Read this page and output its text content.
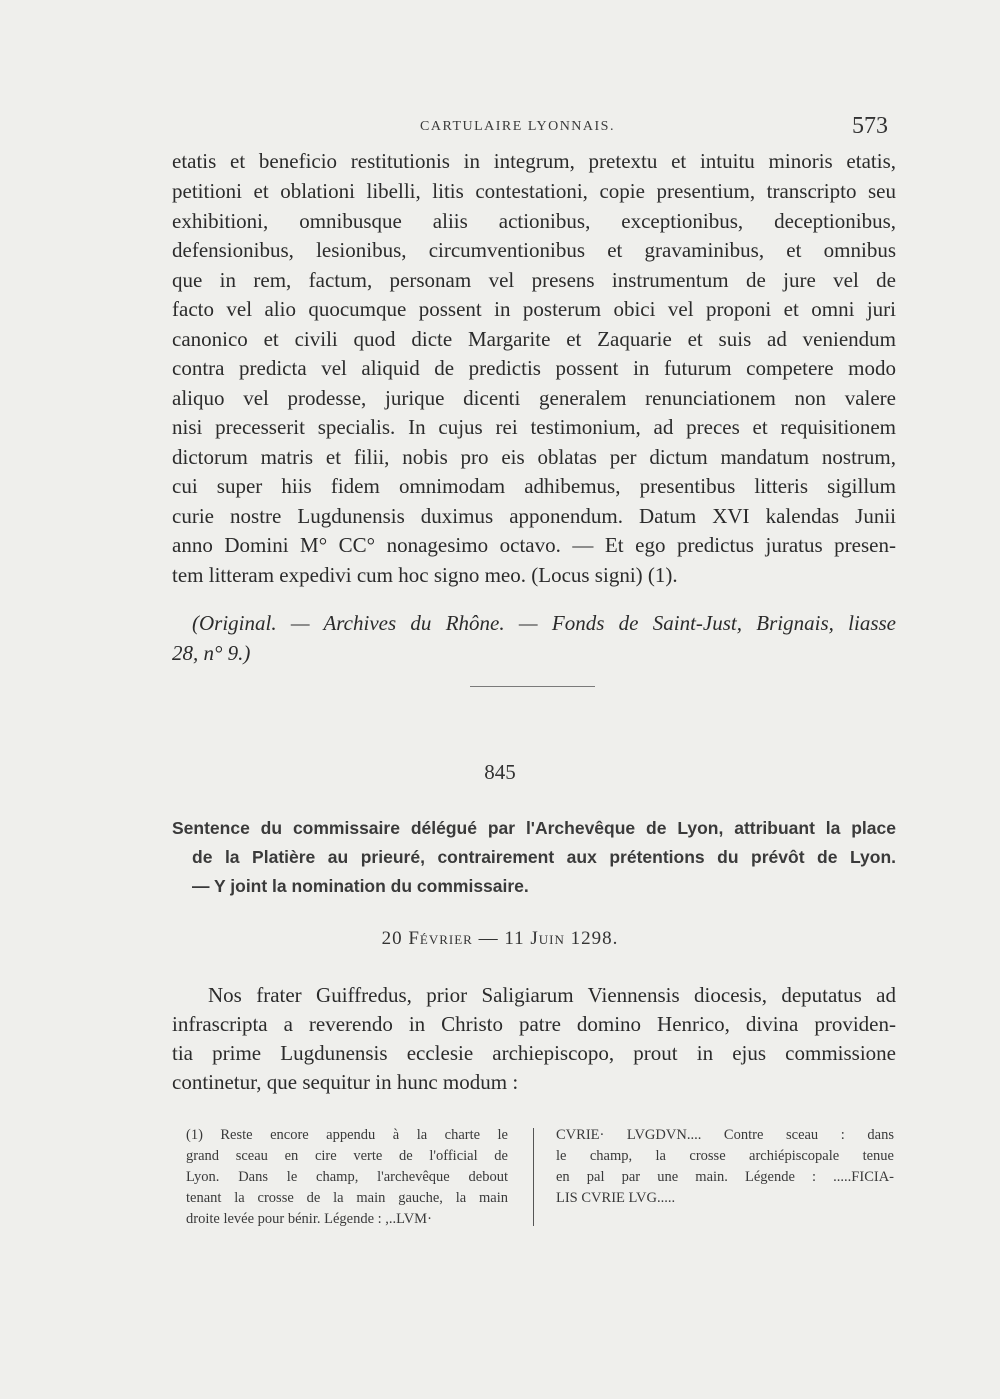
CARTULAIRE LYONNAIS.	573
etatis et beneficio restitutionis in integrum, pretextu et intuitu minoris etatis,
petitioni et oblationi libelli, litis contestationi, copie presentium, transcripto seu
exhibitioni, omnibusque aliis actionibus, exceptionibus, deceptionibus,
defensionibus, lesionibus, circumventionibus et gravaminibus, et omnibus
que in rem, factum, personam vel presens instrumentum de jure vel de
facto vel alio quocumque possent in posterum obici vel proponi et omni juri
canonico et civili quod dicte Margarite et Zaquarie et suis ad veniendum
contra predicta vel aliquid de predictis possent in futurum competere modo
aliquo vel prodesse, jurique dicenti generalem renunciationem non valere
nisi precesserit specialis. In cujus rei testimonium, ad preces et requisitionem
dictorum matris et filii, nobis pro eis oblatas per dictum mandatum nostrum,
cui super hiis fidem omnimodam adhibemus, presentibus litteris sigillum
curie nostre Lugdunensis duximus apponendum. Datum XVI kalendas Junii
anno Domini M° CC° nonagesimo octavo. — Et ego predictus juratus presen-
tem litteram expedivi cum hoc signo meo. (Locus signi) (1).
(Original. — Archives du Rhône. — Fonds de Saint-Just, Brignais, liasse
28, n° 9.)
845
Sentence du commissaire délégué par l'Archevêque de Lyon, attribuant la place
de la Platière au prieuré, contrairement aux prétentions du prévôt de Lyon.
— Y joint la nomination du commissaire.
20 Février — 11 Juin 1298.
Nos frater Guiffredus, prior Saligiarum Viennensis diocesis, deputatus ad
infrascripta a reverendo in Christo patre domino Henrico, divina providen-
tia prime Lugdunensis ecclesie archiepiscopo, prout in ejus commissione
continetur, que sequitur in hunc modum :
(1) Reste encore appendu à la charte le
grand sceau en cire verte de l'official de
Lyon. Dans le champ, l'archevêque debout
tenant la crosse de la main gauche, la main
droite levée pour bénir. Légende : ,..LVM·
CVRIE· LVGDVN.... Contre sceau : dans
le champ, la crosse archiépiscopale tenue
en pal par une main. Légende : .....FICIA-
LIS CVRIE LVG.....
